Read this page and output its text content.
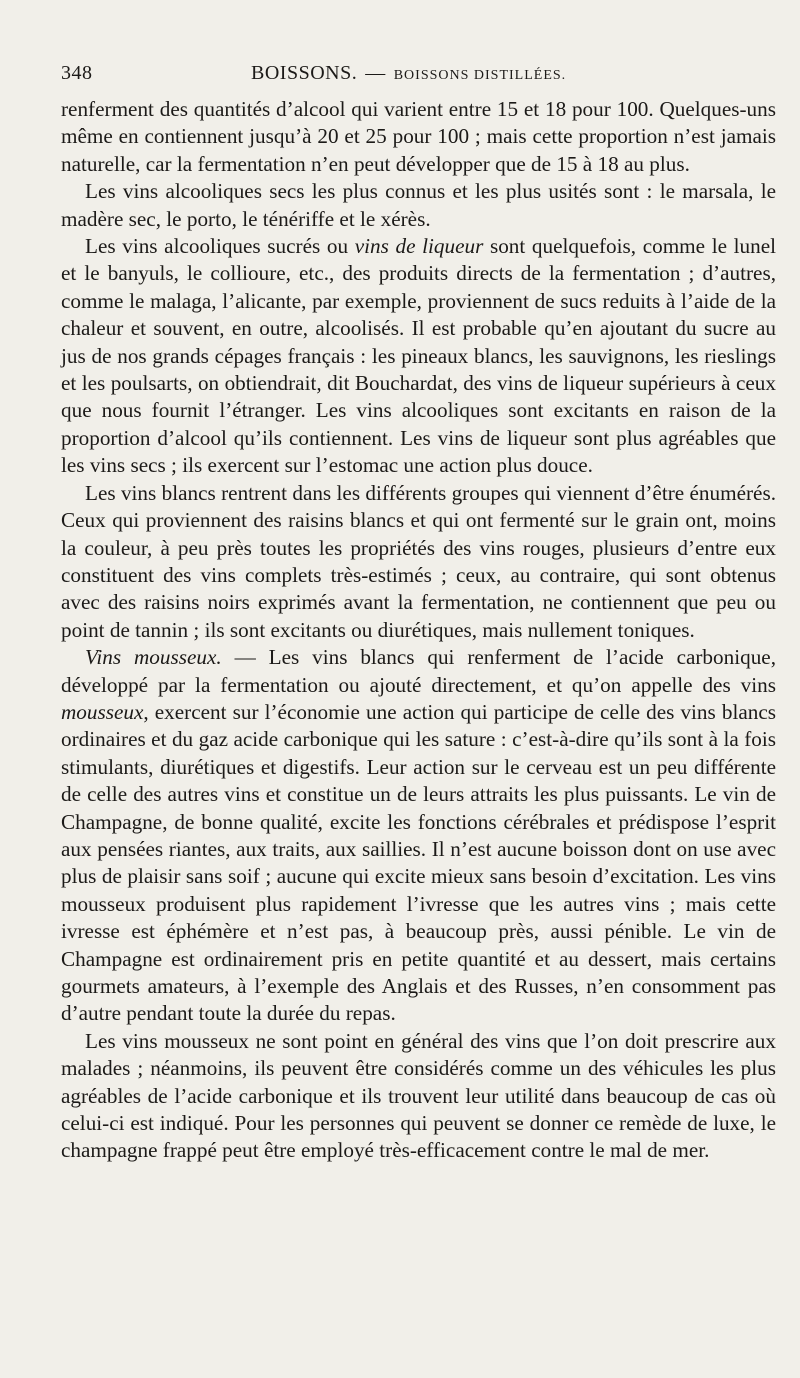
348	BOISSONS. — BOISSONS DISTILLÉES.

renferment des quantités d’alcool qui varient entre 15 et 18 pour 100. Quelques-uns même en contiennent jusqu’à 20 et 25 pour 100 ; mais cette proportion n’est jamais naturelle, car la fermentation n’en peut développer que de 15 à 18 au plus.

Les vins alcooliques secs les plus connus et les plus usités sont : le marsala, le madère sec, le porto, le ténériffe et le xérès.

Les vins alcooliques sucrés ou vins de liqueur sont quelquefois, comme le lunel et le banyuls, le collioure, etc., des produits directs de la fermentation ; d’autres, comme le malaga, l’alicante, par exemple, proviennent de sucs reduits à l’aide de la chaleur et souvent, en outre, alcoolisés. Il est probable qu’en ajoutant du sucre au jus de nos grands cépages français : les pineaux blancs, les sauvignons, les rieslings et les poulsarts, on obtiendrait, dit Bouchardat, des vins de liqueur supérieurs à ceux que nous fournit l’étranger. Les vins alcooliques sont excitants en raison de la proportion d’alcool qu’ils contiennent. Les vins de liqueur sont plus agréables que les vins secs ; ils exercent sur l’estomac une action plus douce.

Les vins blancs rentrent dans les différents groupes qui viennent d’être énumérés. Ceux qui proviennent des raisins blancs et qui ont fermenté sur le grain ont, moins la couleur, à peu près toutes les propriétés des vins rouges, plusieurs d’entre eux constituent des vins complets très-estimés ; ceux, au contraire, qui sont obtenus avec des raisins noirs exprimés avant la fermentation, ne contiennent que peu ou point de tannin ; ils sont excitants ou diurétiques, mais nullement toniques.

Vins mousseux. — Les vins blancs qui renferment de l’acide carbonique, développé par la fermentation ou ajouté directement, et qu’on appelle des vins mousseux, exercent sur l’économie une action qui participe de celle des vins blancs ordinaires et du gaz acide carbonique qui les sature : c’est-à-dire qu’ils sont à la fois stimulants, diurétiques et digestifs. Leur action sur le cerveau est un peu différente de celle des autres vins et constitue un de leurs attraits les plus puissants. Le vin de Champagne, de bonne qualité, excite les fonctions cérébrales et prédispose l’esprit aux pensées riantes, aux traits, aux saillies. Il n’est aucune boisson dont on use avec plus de plaisir sans soif ; aucune qui excite mieux sans besoin d’excitation. Les vins mousseux produisent plus rapidement l’ivresse que les autres vins ; mais cette ivresse est éphémère et n’est pas, à beaucoup près, aussi pénible. Le vin de Champagne est ordinairement pris en petite quantité et au dessert, mais certains gourmets amateurs, à l’exemple des Anglais et des Russes, n’en consomment pas d’autre pendant toute la durée du repas.

Les vins mousseux ne sont point en général des vins que l’on doit prescrire aux malades ; néanmoins, ils peuvent être considérés comme un des véhicules les plus agréables de l’acide carbonique et ils trouvent leur utilité dans beaucoup de cas où celui-ci est indiqué. Pour les personnes qui peuvent se donner ce remède de luxe, le champagne frappé peut être employé très-efficacement contre le mal de mer.
